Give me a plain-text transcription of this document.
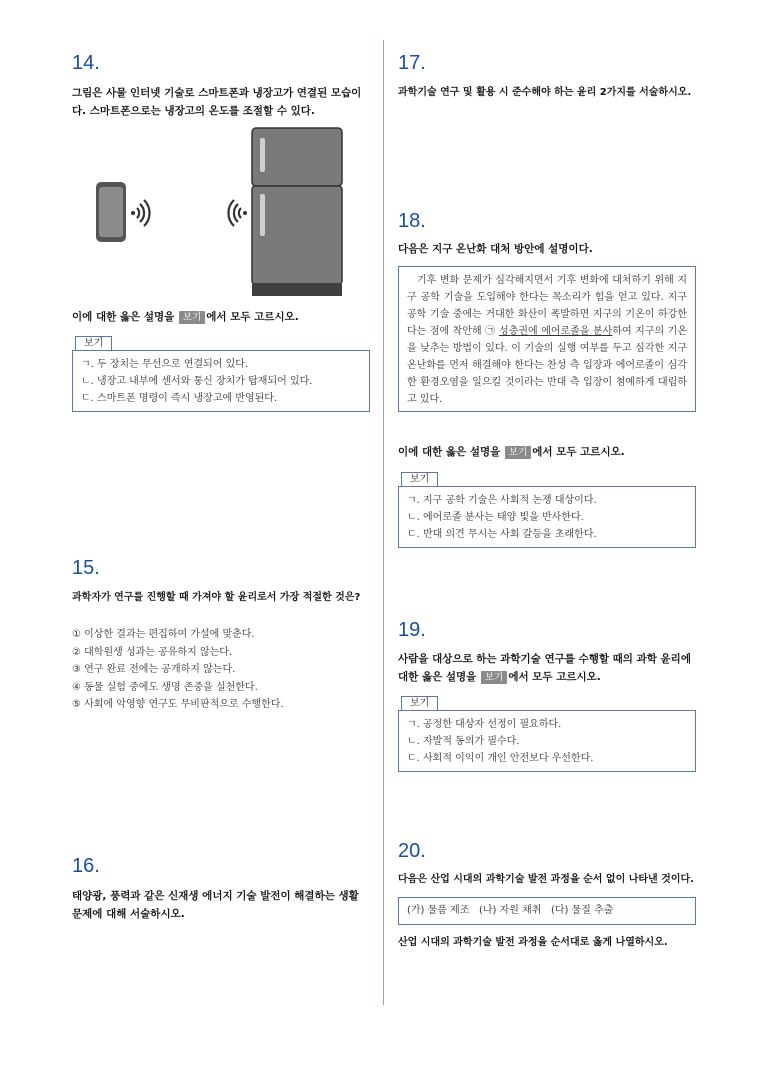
14.
그림은 사물 인터넷 기술로 스마트폰과 냉장고가 연결된 모습이다. 스마트폰으로는 냉장고의 온도를 조절할 수 있다.
이에 대한 옳은 설명을 보기 에서 모두 고르시오.
보기
ㄱ. 두 장치는 무선으로 연결되어 있다.
ㄴ. 냉장고 내부에 센서와 통신 장치가 탑재되어 있다.
ㄷ. 스마트폰 명령이 즉시 냉장고에 반영된다.
15.
과학자가 연구를 진행할 때 가져야 할 윤리로서 가장 적절한 것은?
① 이상한 결과는 편집하여 가설에 맞춘다.
② 대학원생 성과는 공유하지 않는다.
③ 연구 완료 전에는 공개하지 않는다.
④ 동물 실험 중에도 생명 존중을 실천한다.
⑤ 사회에 악영향 연구도 무비판적으로 수행한다.
16.
태양광, 풍력과 같은 신재생 에너지 기술 발전이 해결하는 생활 문제에 대해 서술하시오.
17.
과학기술 연구 및 활용 시 준수해야 하는 윤리 2가지를 서술하시오.
18.
다음은 지구 온난화 대처 방안에 설명이다.
기후 변화 문제가 심각해지면서 기후 변화에 대처하기 위해 지구 공학 기술을 도입해야 한다는 목소리가 힘을 얻고 있다. 지구 공학 기술 중에는 거대한 화산이 폭발하면 지구의 기온이 하강한다는 점에 착안해 ㉠ 성층권에 에어로졸을 분사하여 지구의 기온을 낮추는 방법이 있다. 이 기술의 실행 여부를 두고 심각한 지구 온난화를 먼저 해결해야 한다는 찬성 측 입장과 에어로졸이 심각한 환경오염을 일으킬 것이라는 반대 측 입장이 첨예하게 대립하고 있다.
이에 대한 옳은 설명을 보기 에서 모두 고르시오.
보기
ㄱ. 지구 공학 기술은 사회적 논쟁 대상이다.
ㄴ. 에어로졸 분사는 태양 빛을 반사한다.
ㄷ. 반대 의견 무시는 사회 갈등을 초래한다.
19.
사람을 대상으로 하는 과학기술 연구를 수행할 때의 과학 윤리에
대한 옳은 설명을 보기 에서 모두 고르시오.
보기
ㄱ. 공정한 대상자 선정이 필요하다.
ㄴ. 자발적 동의가 필수다.
ㄷ. 사회적 이익이 개인 안전보다 우선한다.
20.
다음은 산업 시대의 과학기술 발전 과정을 순서 없이 나타낸 것이다.
(가) 물품 제조   (나) 자원 채취   (다) 물질 추출
산업 시대의 과학기술 발전 과정을 순서대로 옳게 나열하시오.
